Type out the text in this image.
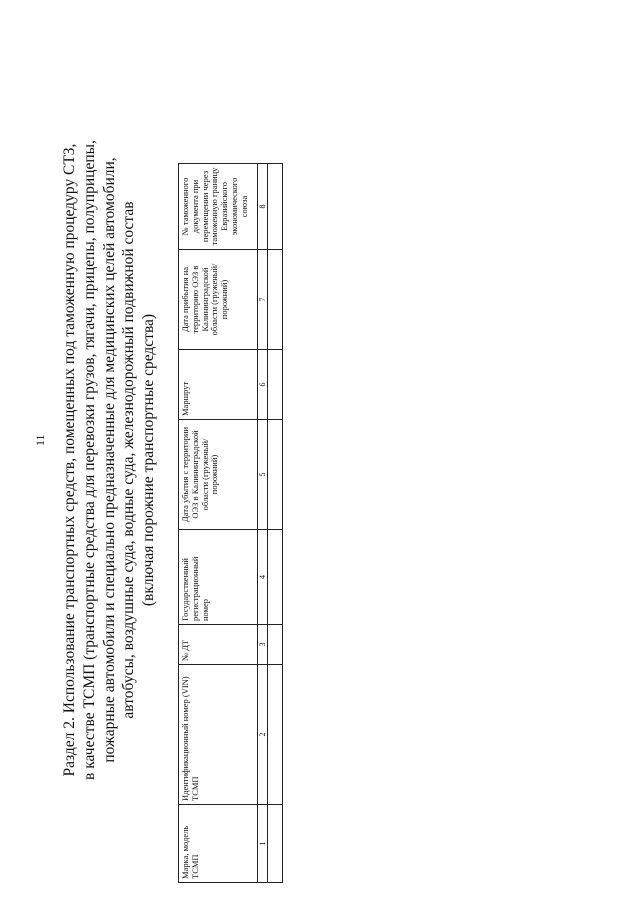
11 Раздел 2. Использование транспортных средств, помещенных под таможенную процедуру СТЗ, в качестве ТСМП (транспортные средства для перевозки грузов, тягачи, прицепы, полуприцепы, пожарные автомобили и специально предназначенные для медицинских целей автомобили, автобусы, воздушные суда, водные суда, железнодорожный подвижной состав (включая порожние транспортные средства)
Марка, модель ТСМП	Идентификационный номер (VIN) ТСМП	№ ДТ	Государственный регистрационный номер	Дата убытия с территории ОЭЗ в Калининградской области (груженый/ порожний)	Маршрут	Дата прибытия на территорию ОЭЗ в Калининградской области (груженый/ порожний)	№ таможенного документа при перемещении через таможенную границу Евразийского экономического союза
1	2	3	4	5	6	7	8
